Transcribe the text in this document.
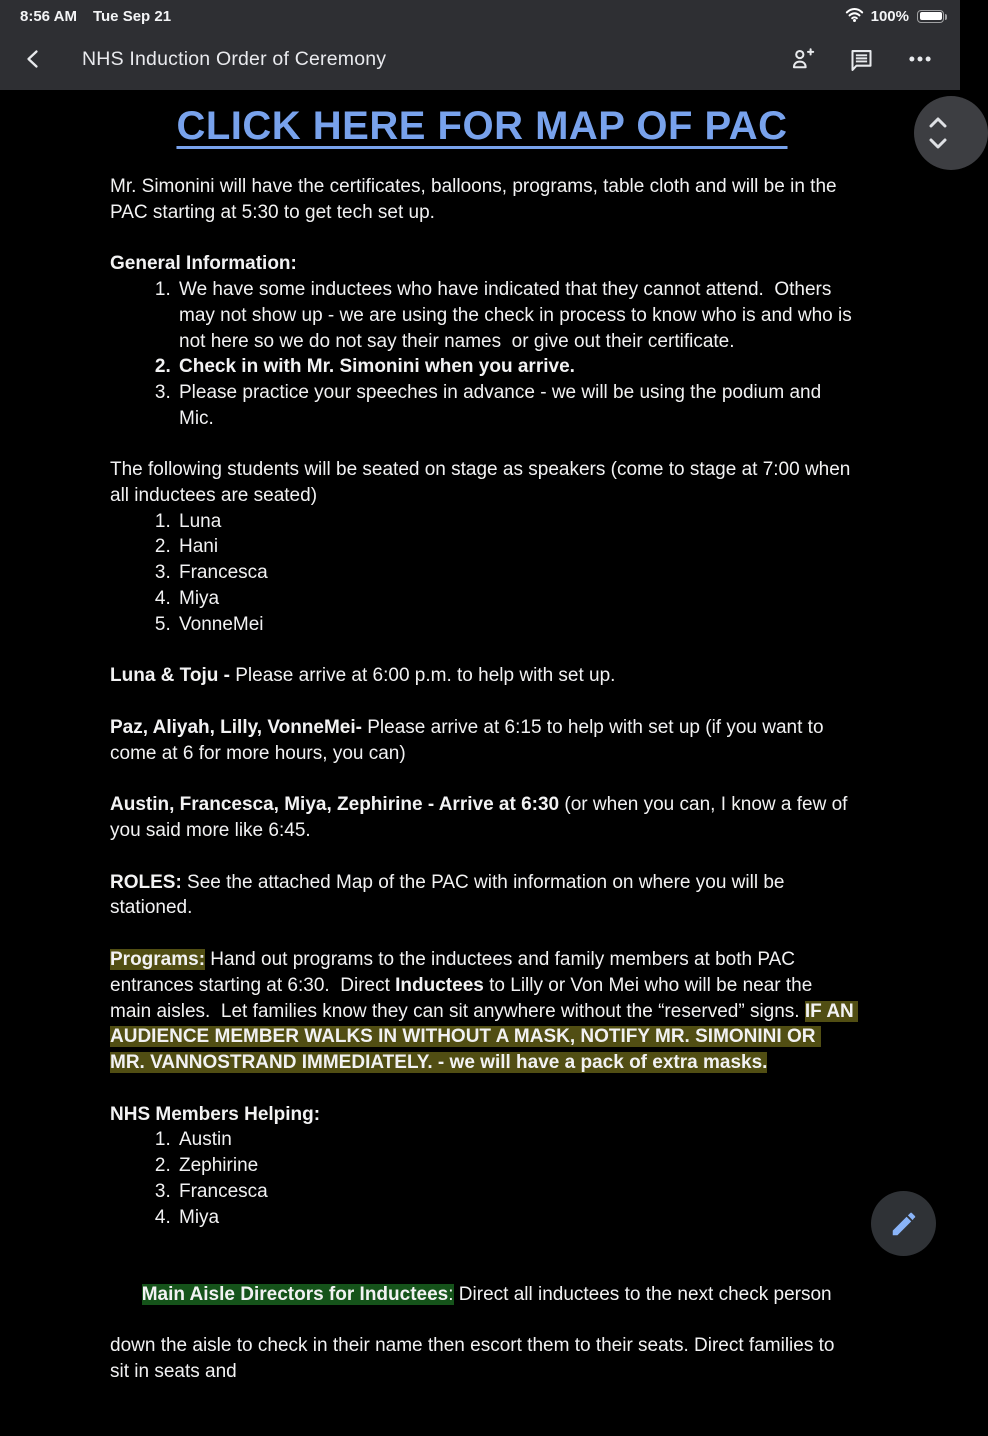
8:56 AM Tue Sep 21	100%
NHS Induction Order of Ceremony
CLICK HERE FOR MAP OF PAC

Mr. Simonini will have the certificates, balloons, programs, table cloth and will be in the PAC starting at 5:30 to get tech set up.

General Information:

1. We have some inductees who have indicated that they cannot attend.  Others may not show up - we are using the check in process to know who is and who is not here so we do not say their names  or give out their certificate.
2. Check in with Mr. Simonini when you arrive.
3. Please practice your speeches in advance - we will be using the podium and Mic.

The following students will be seated on stage as speakers (come to stage at 7:00 when all inductees are seated)

1. Luna
2. Hani
3. Francesca
4. Miya
5. VonneMei

Luna & Toju - Please arrive at 6:00 p.m. to help with set up.

Paz, Aliyah, Lilly, VonneMei- Please arrive at 6:15 to help with set up (if you want to come at 6 for more hours, you can)

Austin, Francesca, Miya, Zephirine - Arrive at 6:30 (or when you can, I know a few of you said more like 6:45.

ROLES: See the attached Map of the PAC with information on where you will be stationed.

Programs: Hand out programs to the inductees and family members at both PAC entrances starting at 6:30.  Direct Inductees to Lilly or Von Mei who will be near the main aisles.  Let families know they can sit anywhere without the “reserved” signs. IF AN AUDIENCE MEMBER WALKS IN WITHOUT A MASK, NOTIFY MR. SIMONINI OR MR. VANNOSTRAND IMMEDIATELY. - we will have a pack of extra masks.

NHS Members Helping:

1. Austin
2. Zephirine
3. Francesca
4. Miya

Main Aisle Directors for Inductees: Direct all inductees to the next check person

down the aisle to check in their name then escort them to their seats. Direct families to sit in seats and
